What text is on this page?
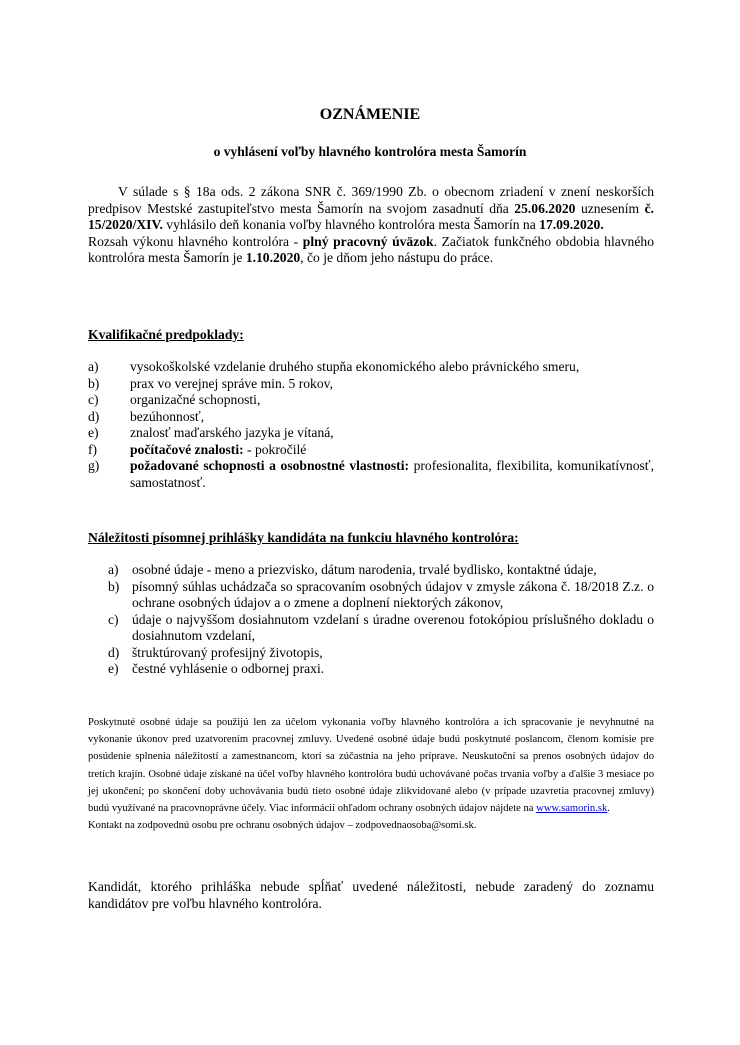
OZNÁMENIE
o vyhlásení voľby hlavného kontrolóra mesta Šamorín

V súlade s § 18a ods. 2 zákona SNR č. 369/1990 Zb. o obecnom zriadení v znení neskorších predpisov Mestské zastupiteľstvo mesta Šamorín na svojom zasadnutí dňa 25.06.2020 uznesením č. 15/2020/XIV. vyhlásilo deň konania voľby hlavného kontrolóra mesta Šamorín na 17.09.2020.

Rozsah výkonu hlavného kontrolóra - plný pracovný úväzok. Začiatok funkčného obdobia hlavného kontrolóra mesta Šamorín je 1.10.2020, čo je dňom jeho nástupu do práce.

Kvalifikačné predpoklady:
a) vysokoškolské vzdelanie druhého stupňa ekonomického alebo právnického smeru,
b) prax vo verejnej správe min. 5 rokov,
c) organizačné schopnosti,
d) bezúhonnosť,
e) znalosť maďarského jazyka je vítaná,
f) počítačové znalosti: - pokročilé
g) požadované schopnosti a osobnostné vlastnosti: profesionalita, flexibilita, komunikatívnosť, samostatnosť.
Náležitosti písomnej prihlášky kandidáta na funkciu hlavného kontrolóra:
a) osobné údaje - meno a priezvisko, dátum narodenia, trvalé bydlisko, kontaktné údaje,
b) písomný súhlas uchádzača so spracovaním osobných údajov v zmysle zákona č. 18/2018 Z.z. o ochrane osobných údajov a o zmene a doplnení niektorých zákonov,
c) údaje o najvyššom dosiahnutom vzdelaní s úradne overenou fotokópiou príslušného dokladu o dosiahnutom vzdelaní,
d) štruktúrovaný profesijný životopis,
e) čestné vyhlásenie o odbornej praxi.
Poskytnuté osobné údaje sa použijú len za účelom vykonania voľby hlavného kontrolóra a ich spracovanie je nevyhnutné na vykonanie úkonov pred uzatvorením pracovnej zmluvy. Uvedené osobné údaje budú poskytnuté poslancom, členom komisie pre posúdenie splnenia náležitostí a zamestnancom, ktorí sa zúčastnia na jeho príprave. Neuskutoční sa prenos osobných údajov do tretích krajín. Osobné údaje získané na účel voľby hlavného kontrolóra budú uchovávané počas trvania voľby a ďalšie 3 mesiace po jej ukončení; po skončení doby uchovávania budú tieto osobné údaje zlikvidované alebo (v prípade uzavretia pracovnej zmluvy) budú využívané na pracovnoprávne účely. Viac informácií ohľadom ochrany osobných údajov nájdete na www.samorin.sk.
Kontakt na zodpovednú osobu pre ochranu osobných údajov – zodpovednaosoba@somi.sk.
Kandidát, ktorého prihláška nebude spĺňať uvedené náležitosti, nebude zaradený do zoznamu kandidátov pre voľbu hlavného kontrolóra.
